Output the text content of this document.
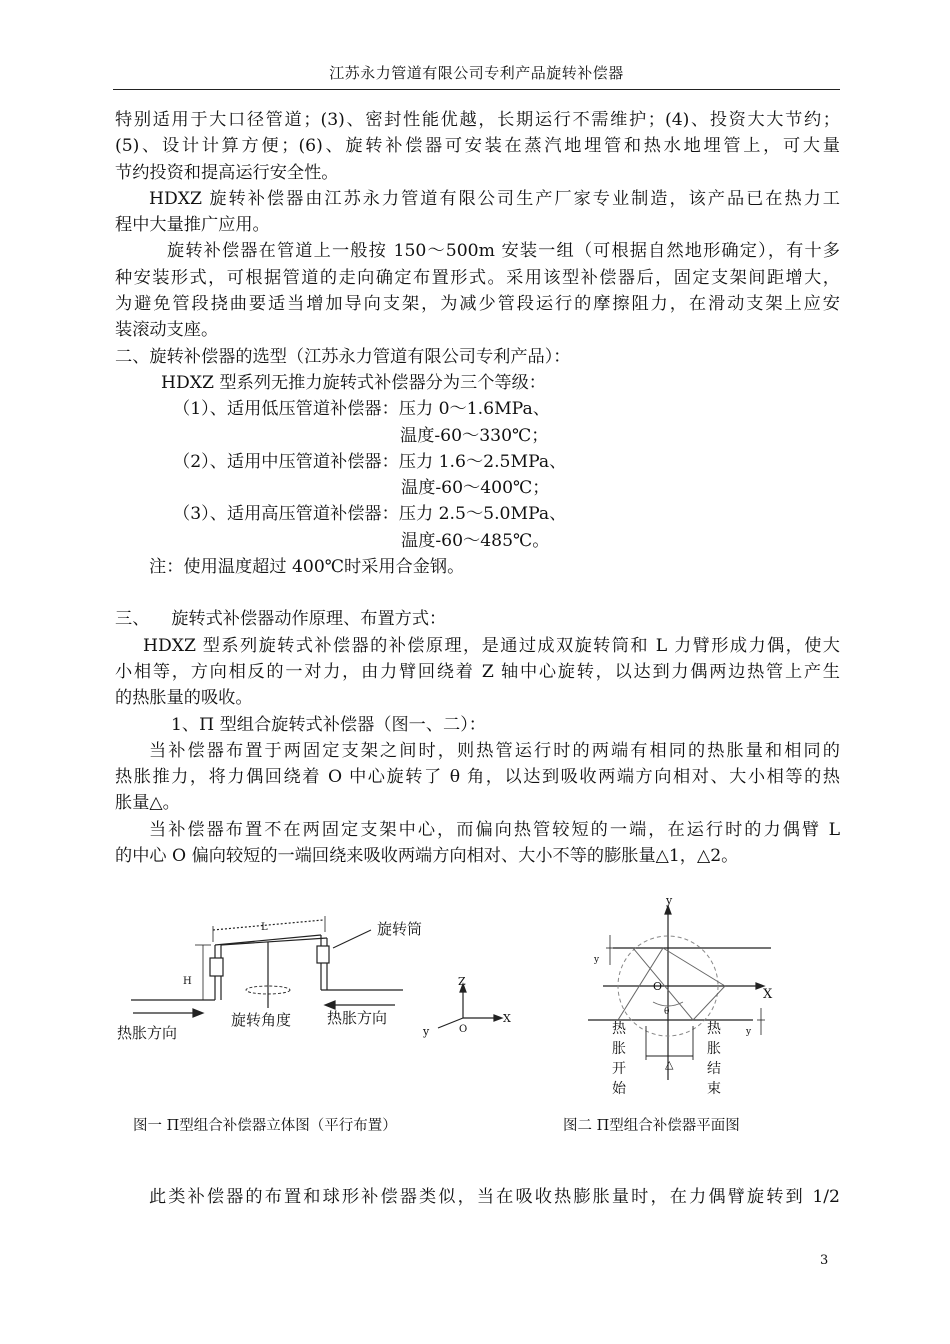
江苏永力管道有限公司专利产品旋转补偿器

特别适用于大口径管道；(3)、密封性能优越，长期运行不需维护；(4)、投资大大节约；

(5)、设计计算方便；(6)、旋转补偿器可安装在蒸汽地埋管和热水地埋管上，可大量

节约投资和提高运行安全性。

HDXZ 旋转补偿器由江苏永力管道有限公司生产厂家专业制造，该产品已在热力工

程中大量推广应用。

旋转补偿器在管道上一般按 150～500m 安装一组（可根据自然地形确定），有十多

种安装形式，可根据管道的走向确定布置形式。采用该型补偿器后，固定支架间距增大，

为避免管段挠曲要适当增加导向支架，为减少管段运行的摩擦阻力，在滑动支架上应安

装滚动支座。

二、旋转补偿器的选型（江苏永力管道有限公司专利产品）：

HDXZ 型系列无推力旋转式补偿器分为三个等级：

（1）、适用低压管道补偿器：压力 0～1.6MPa、

温度-60～330℃；

（2）、适用中压管道补偿器：压力 1.6～2.5MPa、

温度-60～400℃；

（3）、适用高压管道补偿器：压力 2.5～5.0MPa、

温度-60～485℃。

注：使用温度超过 400℃时采用合金钢。

三、    旋转式补偿器动作原理、布置方式：

HDXZ 型系列旋转式补偿器的补偿原理，是通过成双旋转筒和 L 力臂形成力偶，使大

小相等，方向相反的一对力，由力臂回绕着 Z 轴中心旋转，以达到力偶两边热管上产生

的热胀量的吸收。

1、Π 型组合旋转式补偿器（图一、二）：

当补偿器布置于两固定支架之间时，则热管运行时的两端有相同的热胀量和相同的

热胀推力，将力偶回绕着 O 中心旋转了 θ 角，以达到吸收两端方向相对、大小相等的热

胀量△。

当补偿器布置不在两固定支架中心，而偏向热管较短的一端，在运行时的力偶臂 L

的中心 O 偏向较短的一端回绕来吸收两端方向相对、大小不等的膨胀量△1，△2。

旋转筒
L
H
旋转角度
热胀方向
热胀方向
Z
X
y	O
y
X
O
θ
△
y
y
热
胀
开
始
热
胀
结
束
图一 Π型组合补偿器立体图（平行布置）	图二 Π型组合补偿器平面图
此类补偿器的布置和球形补偿器类似，当在吸收热膨胀量时，在力偶臂旋转到 1/2
3
